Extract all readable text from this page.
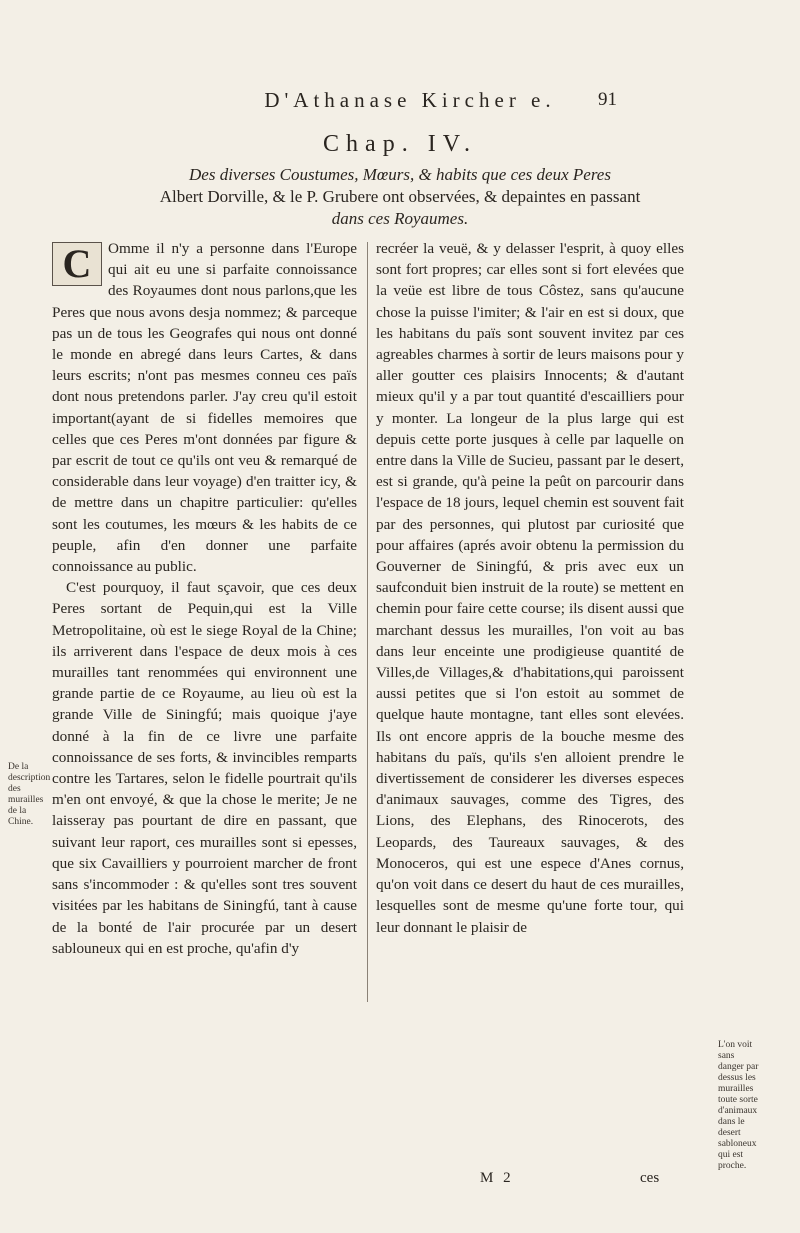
D'Athanase Kircher e.	91
Chap. IV.
Des diverses Coustumes, Mœurs, & habits que ces deux Peres
Albert Dorville, & le P. Grubere ont observées, & depaintes en passant
dans ces Royaumes.

C	Omme il n'y a personne dans l'Europe qui ait eu une si parfaite connoissance des Royaumes dont nous parlons,que les Peres que nous avons desja nommez; & parceque pas un de tous les Geografes qui nous ont donné le monde en abregé dans leurs Cartes, & dans leurs escrits; n'ont pas mesmes conneu ces païs dont nous pretendons parler. J'ay creu qu'il estoit important(ayant de si fidelles memoires que celles que ces Peres m'ont données par figure & par escrit de tout ce qu'ils ont veu & remarqué de considerable dans leur voyage) d'en traitter icy, & de mettre dans un chapitre particulier: qu'elles sont les coutumes, les mœurs & les habits de ce peuple, afin d'en donner une parfaite connoissance au public.

C'est pourquoy, il faut sçavoir, que ces deux Peres sortant de Pequin,qui est la Ville Metropolitaine, où est le siege Royal de la Chine; ils arriverent dans l'espace de deux mois à ces murailles tant renommées qui environnent une grande partie de ce Royaume, au lieu où est la grande Ville de Siningfú; mais quoique j'aye donné à la fin de ce livre une parfaite connoissance de ses forts, & invincibles remparts contre les Tartares, selon le fidelle pourtrait qu'ils m'en ont envoyé, & que la chose le merite; Je ne laisseray pas pourtant de dire en passant, que suivant leur raport, ces murailles sont si epesses, que six Cavailliers y pourroient marcher de front sans s'incommoder : & qu'elles sont tres souvent visitées par les habitans de Siningfú, tant à cause de la bonté de l'air procurée par un desert sablouneux qui en est proche, qu'afin d'y

recréer la veuë, & y delasser l'esprit, à quoy elles sont fort propres; car elles sont si fort elevées que la veüe est libre de tous Côstez, sans qu'aucune chose la puisse l'imiter; & l'air en est si doux, que les habitans du païs sont souvent invitez par ces agreables charmes à sortir de leurs maisons pour y aller goutter ces plaisirs Innocents; & d'autant mieux qu'il y a par tout quantité d'escailliers pour y monter. La longeur de la plus large qui est depuis cette porte jusques à celle par laquelle on entre dans la Ville de Sucieu, passant par le desert, est si grande, qu'à peine la peût on parcourir dans l'espace de 18 jours, lequel chemin est souvent fait par des personnes, qui plutost par curiosité que pour affaires (aprés avoir obtenu la permission du Gouverner de Siningfú, & pris avec eux un saufconduit bien instruit de la route) se mettent en chemin pour faire cette course; ils disent aussi que marchant dessus les murailles, l'on voit au bas dans leur enceinte une prodigieuse quantité de Villes,de Villages,& d'habitations,qui paroissent aussi petites que si l'on estoit au sommet de quelque haute montagne, tant elles sont elevées. Ils ont encore appris de la bouche mesme des habitans du païs, qu'ils s'en alloient prendre le divertissement de considerer les diverses especes d'animaux sauvages, comme des Tigres, des Lions, des Elephans, des Rinocerots, des Leopards, des Taureaux sauvages, & des Monoceros, qui est une espece d'Anes cornus, qu'on voit dans ce desert du haut de ces murailles, lesquelles sont de mesme qu'une forte tour, qui leur donnant le plaisir de

De la description des murailles de la Chine.
L'on voit sans danger par dessus les murailles toute sorte d'animaux dans le desert sabloneux qui est proche.
M 2	ces
